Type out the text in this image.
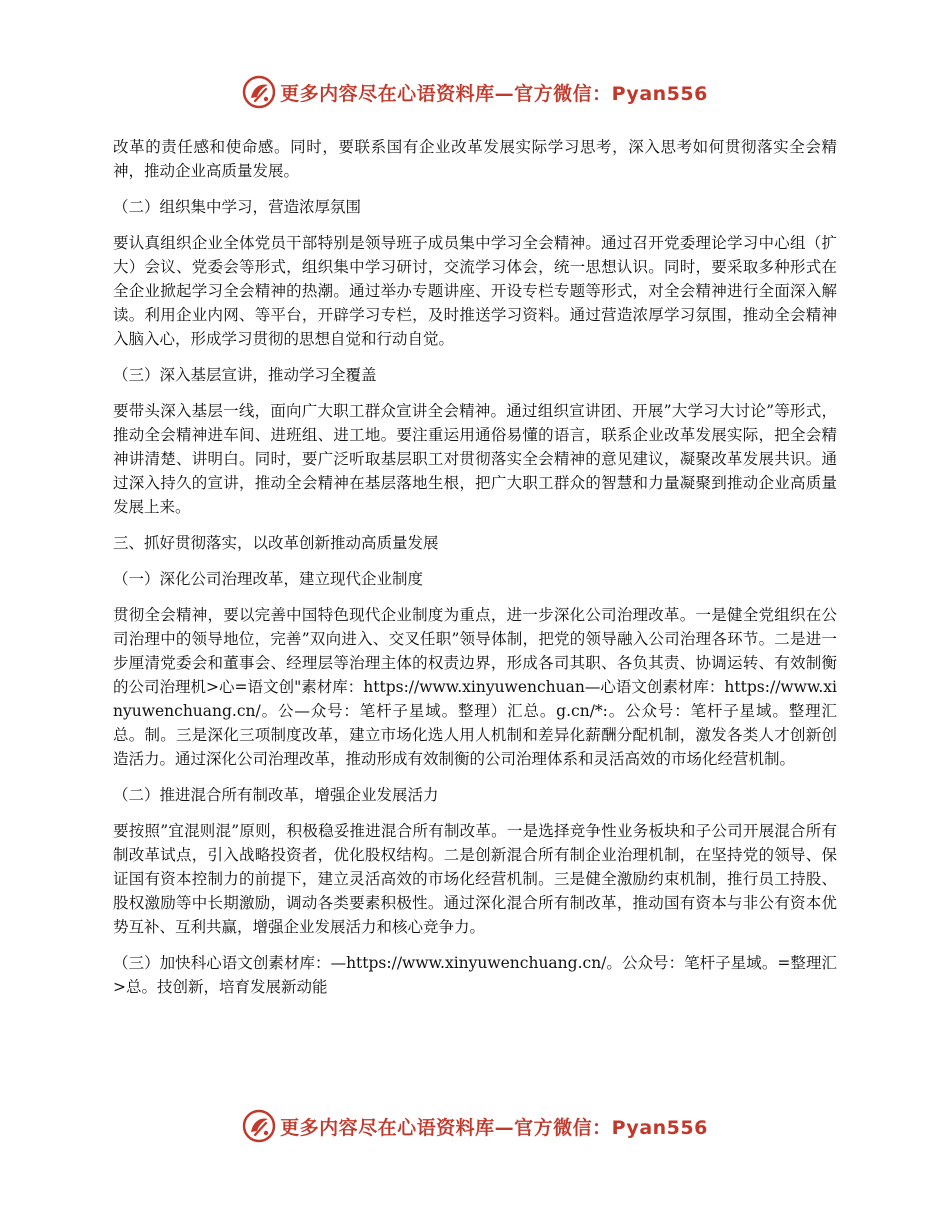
更多内容尽在心语资料库—官方微信：Pyan556

改革的责任感和使命感。同时，要联系国有企业改革发展实际学习思考，深入思考如何贯彻落实全会精神，推动企业高质量发展。

（二）组织集中学习，营造浓厚氛围

要认真组织企业全体党员干部特别是领导班子成员集中学习全会精神。通过召开党委理论学习中心组（扩大）会议、党委会等形式，组织集中学习研讨，交流学习体会，统一思想认识。同时，要采取多种形式在全企业掀起学习全会精神的热潮。通过举办专题讲座、开设专栏专题等形式，对全会精神进行全面深入解读。利用企业内网、等平台，开辟学习专栏，及时推送学习资料。通过营造浓厚学习氛围，推动全会精神入脑入心，形成学习贯彻的思想自觉和行动自觉。

（三）深入基层宣讲，推动学习全覆盖

要带头深入基层一线，面向广大职工群众宣讲全会精神。通过组织宣讲团、开展”大学习大讨论”等形式，推动全会精神进车间、进班组、进工地。要注重运用通俗易懂的语言，联系企业改革发展实际，把全会精神讲清楚、讲明白。同时，要广泛听取基层职工对贯彻落实全会精神的意见建议，凝聚改革发展共识。通过深入持久的宣讲，推动全会精神在基层落地生根，把广大职工群众的智慧和力量凝聚到推动企业高质量发展上来。

三、抓好贯彻落实，以改革创新推动高质量发展

（一）深化公司治理改革，建立现代企业制度

贯彻全会精神，要以完善中国特色现代企业制度为重点，进一步深化公司治理改革。一是健全党组织在公司治理中的领导地位，完善”双向进入、交叉任职”领导体制，把党的领导融入公司治理各环节。二是进一步厘清党委会和董事会、经理层等治理主体的权责边界，形成各司其职、各负其责、协调运转、有效制衡的公司治理机>心=语文创"素材库：https://www.xinyuwenchuan—心语文创素材库：https://www.xinyuwenchuang.cn/。公—众号：笔杆子星域。整理）汇总。g.cn/*:。公众号：笔杆子星域。整理汇总。制。三是深化三项制度改革，建立市场化选人用人机制和差异化薪酬分配机制，激发各类人才创新创造活力。通过深化公司治理改革，推动形成有效制衡的公司治理体系和灵活高效的市场化经营机制。

（二）推进混合所有制改革，增强企业发展活力

要按照”宜混则混”原则，积极稳妥推进混合所有制改革。一是选择竞争性业务板块和子公司开展混合所有制改革试点，引入战略投资者，优化股权结构。二是创新混合所有制企业治理机制，在坚持党的领导、保证国有资本控制力的前提下，建立灵活高效的市场化经营机制。三是健全激励约束机制，推行员工持股、股权激励等中长期激励，调动各类要素积极性。通过深化混合所有制改革，推动国有资本与非公有资本优势互补、互利共赢，增强企业发展活力和核心竞争力。

（三）加快科心语文创素材库：—https://www.xinyuwenchuang.cn/。公众号：笔杆子星域。=整理汇>总。技创新，培育发展新动能

更多内容尽在心语资料库—官方微信：Pyan556
